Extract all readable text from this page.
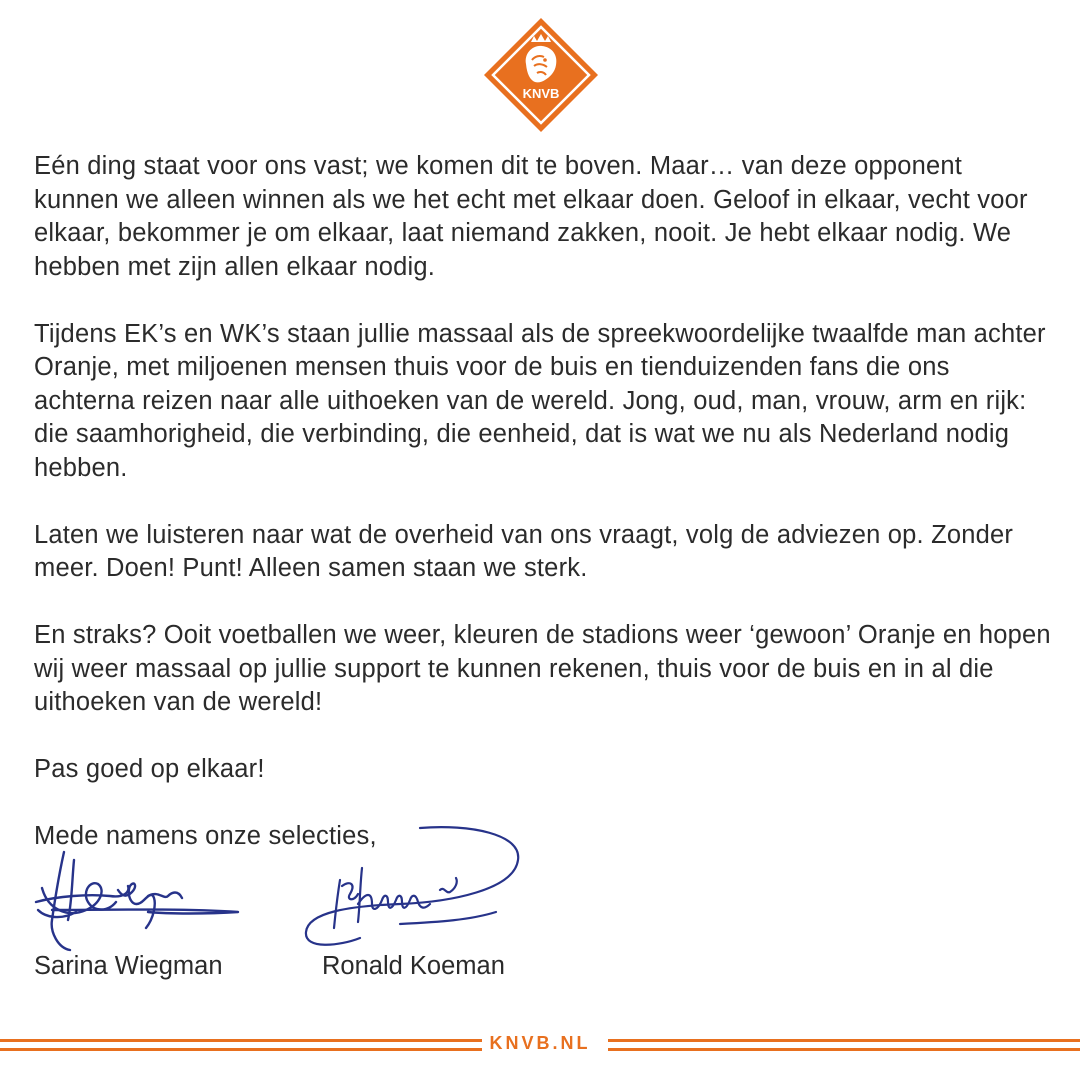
KNVB

Eén ding staat voor ons vast; we komen dit te boven. Maar… van deze opponent kunnen we alleen winnen als we het echt met elkaar doen. Geloof in elkaar, vecht voor elkaar, bekommer je om elkaar, laat niemand zakken, nooit. Je hebt elkaar nodig. We hebben met zijn allen elkaar nodig.

Tijdens EK’s en WK’s staan jullie massaal als de spreekwoordelijke twaalfde man achter Oranje, met miljoenen mensen thuis voor de buis en tienduizenden fans die ons achterna reizen naar alle uithoeken van de wereld. Jong, oud, man, vrouw, arm en rijk: die saamhorigheid, die verbinding, die eenheid, dat is wat we nu als Nederland nodig hebben.

Laten we luisteren naar wat de overheid van ons vraagt, volg de adviezen op. Zonder meer. Doen! Punt! Alleen samen staan we sterk.

En straks? Ooit voetballen we weer, kleuren de stadions weer ‘gewoon’ Oranje en hopen wij weer massaal op jullie support te kunnen rekenen, thuis voor de buis en in al die uithoeken van de wereld!

Pas goed op elkaar!

Mede namens onze selecties,

Sarina Wiegman	Ronald Koeman
KNVB.NL
